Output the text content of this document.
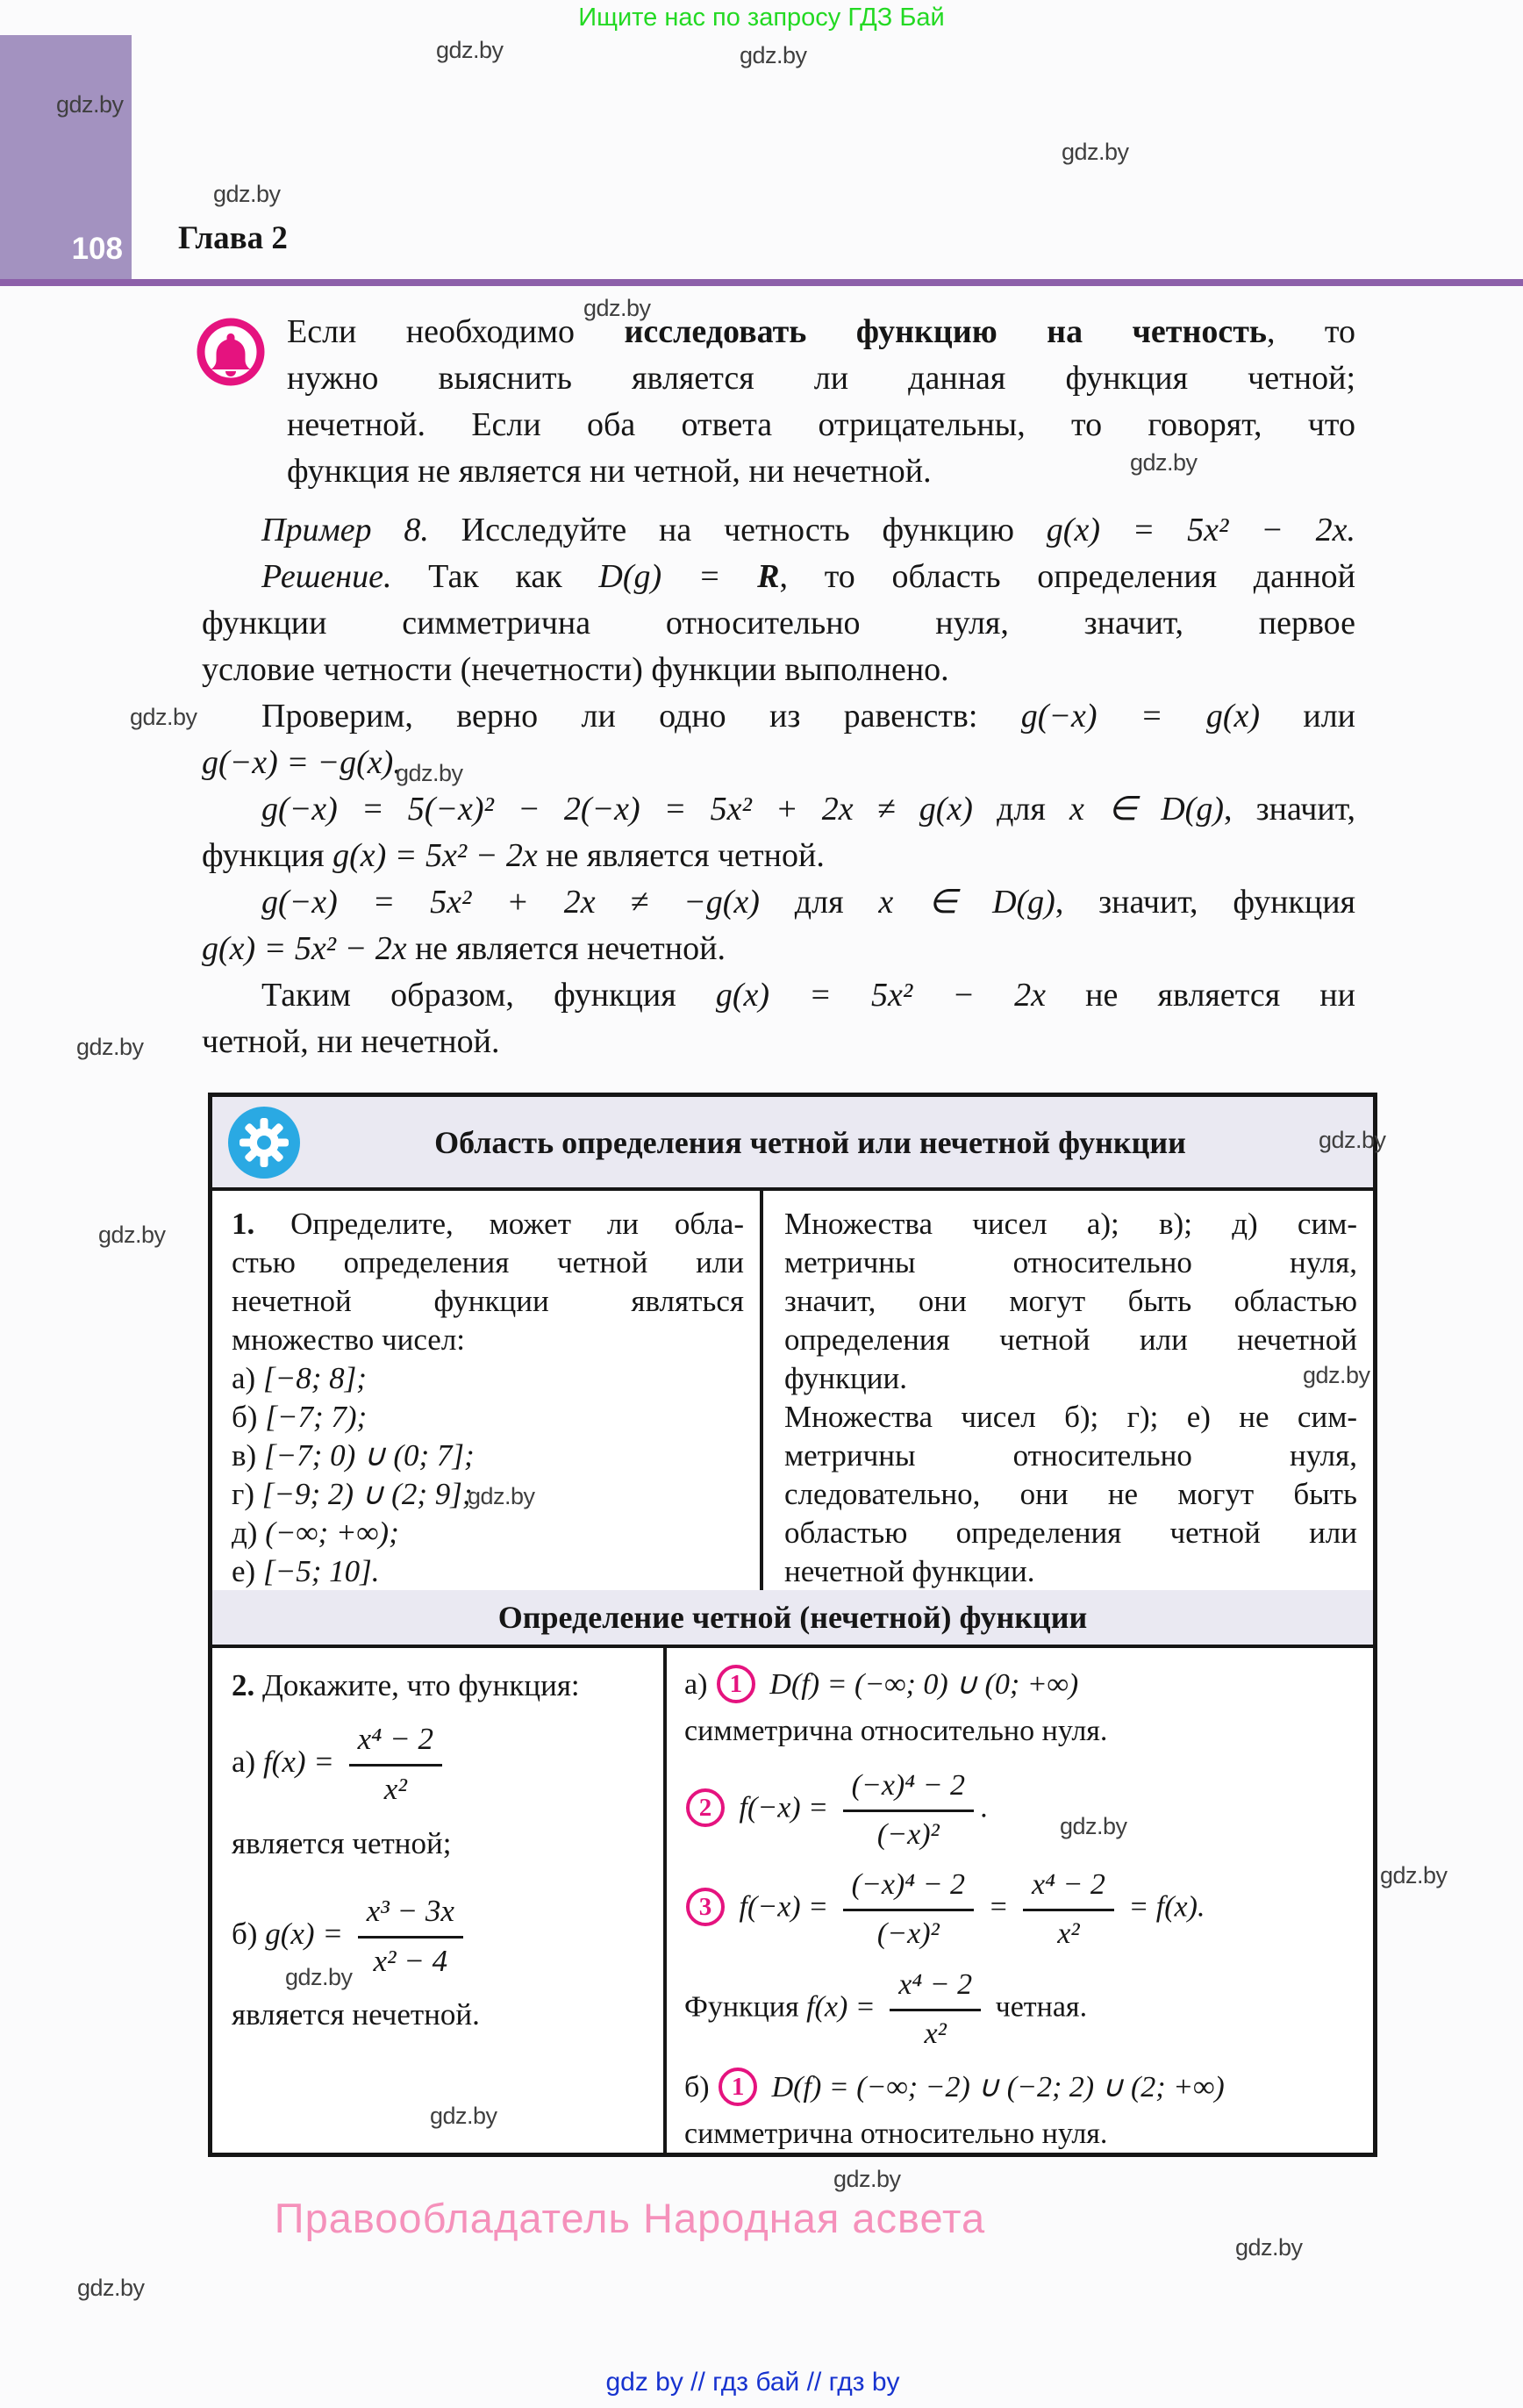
Ищите нас по запросу ГДЗ Бай
108 Глава 2
Если необходимо исследовать функцию на четность, то
нужно выяснить является ли данная функция четной;
нечетной. Если оба ответа отрицательны, то говорят, что
функция не является ни четной, ни нечетной.
Пример 8. Исследуйте на четность функцию g(x) = 5x² − 2x.
Решение. Так как D(g) = R, то область определения данной
функции симметрична относительно нуля, значит, первое
условие четности (нечетности) функции выполнено.
Проверим, верно ли одно из равенств: g(−x) = g(x) или
g(−x) = −g(x).
g(−x) = 5(−x)² − 2(−x) = 5x² + 2x ≠ g(x) для x ∈ D(g), значит,
функция g(x) = 5x² − 2x не является четной.
g(−x) = 5x² + 2x ≠ −g(x) для x ∈ D(g), значит, функция
g(x) = 5x² − 2x не является нечетной.
Таким образом, функция g(x) = 5x² − 2x не является ни
четной, ни нечетной.
Область определения четной или нечетной функции
1. Определите, может ли обла-
стью определения четной или
нечетной функции являться
множество чисел:
а) [−8; 8];
б) [−7; 7);
в) [−7; 0) ∪ (0; 7];
г) [−9; 2) ∪ (2; 9];
д) (−∞; +∞);
е) [−5; 10].
Множества чисел а); в); д) сим-
метричны относительно нуля,
значит, они могут быть областью
определения четной или нечетной
функции.
Множества чисел б); г); е) не сим-
метричны относительно нуля,
следовательно, они не могут быть
областью определения четной или
нечетной функции.
Определение четной (нечетной) функции
2. Докажите, что функция:
а) $f(x) = \frac{\text{x⁴ − 2}}{\text{x²}}$
является четной;
б) $g(x) = \frac{\text{x³ − 3x}}{\text{x² − 4}}$
является нечетной.
а) 1 D(f) = (−∞; 0) ∪ (0; +∞)
симметрична относительно нуля.
2 $f(-x) = \frac{\text{(−x)⁴ − 2}}{\text{(−x)²}}$ .
3 $f(-x) = \frac{\text{(−x)⁴ − 2}}{\text{(−x)²}} = \frac{\text{x⁴ − 2}}{\text{x²}} = f(x)$.
Функция $f(x) = \frac{\text{x⁴ − 2}}{\text{x²}}$ четная.
б) 1 D(f) = (−∞; −2) ∪ (−2; 2) ∪ (2; +∞)
симметрична относительно нуля.
Правообладатель Народная асвета
gdz by // гдз бай // гдз by
gdz.by	gdz.by
gdz.by
gdz.by
gdz.by
gdz.by
gdz.by
gdz.by
gdz.by
gdz.by
gdz.by
gdz.by
gdz.by
gdz.by
gdz.by
gdz.by
gdz.by
gdz.by
gdz.by
gdz.by
gdz.by
